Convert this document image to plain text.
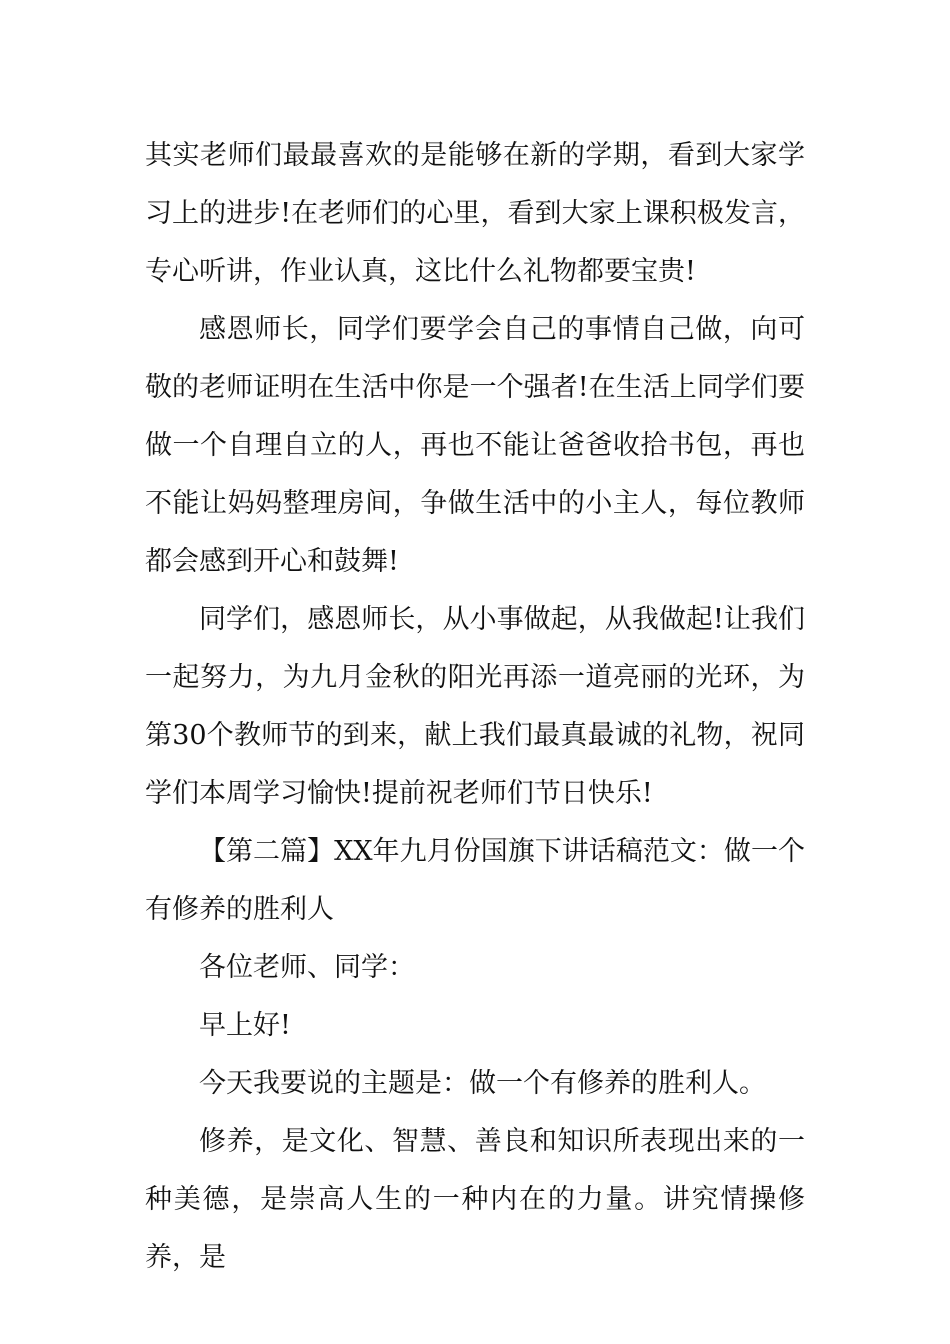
其实老师们最最喜欢的是能够在新的学期，看到大家学习上的进步!在老师们的心里，看到大家上课积极发言，专心听讲，作业认真，这比什么礼物都要宝贵!

感恩师长，同学们要学会自己的事情自己做，向可敬的老师证明在生活中你是一个强者!在生活上同学们要做一个自理自立的人，再也不能让爸爸收拾书包，再也不能让妈妈整理房间，争做生活中的小主人，每位教师都会感到开心和鼓舞!

同学们，感恩师长，从小事做起，从我做起!让我们一起努力，为九月金秋的阳光再添一道亮丽的光环，为第30个教师节的到来，献上我们最真最诚的礼物，祝同学们本周学习愉快!提前祝老师们节日快乐!

【第二篇】XX年九月份国旗下讲话稿范文：做一个有修养的胜利人

各位老师、同学：

早上好!

今天我要说的主题是：做一个有修养的胜利人。

修养，是文化、智慧、善良和知识所表现出来的一种美德，是崇高人生的一种内在的力量。讲究情操修养，是
